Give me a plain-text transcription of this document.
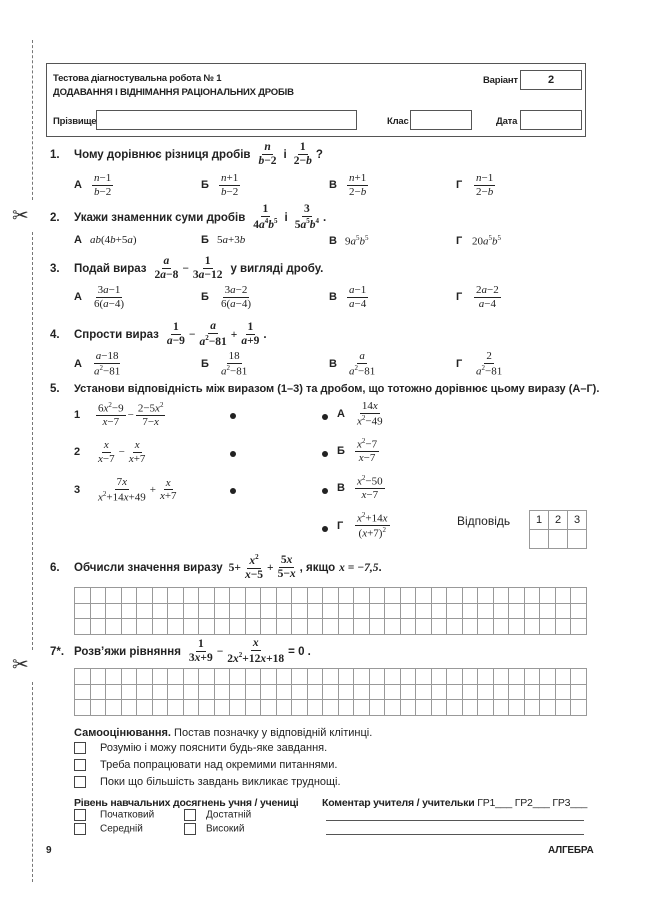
✂
✂
Тестова діагностувальна робота № 1
ДОДАВАННЯ І ВІДНІМАННЯ РАЦІОНАЛЬНИХ ДРОБІВ
Варіант	2
Прізвище	Клас	Дата
1.	Чому дорівнює різниця дробів $\frac{n}{b-2}$ і $\frac{1}{2-b}$ ?
А $\frac{n-1}{b-2}$	Б $\frac{n+1}{b-2}$	В $\frac{n+1}{2-b}$	Г $\frac{n-1}{2-b}$
2.	Укажи знаменник суми дробів $\frac{1}{4a^4b^5}$ і $\frac{3}{5a^5b^4}$ .
А ab(4b+5a)	Б 5a+3b	В $9a^5b^5$	Г $20a^5b^5$
3.	Подай вираз $\frac{a}{2a-8} - \frac{1}{3a-12}$ у вигляді дробу.
А $\frac{3a-1}{6(a-4)}$	Б $\frac{3a-2}{6(a-4)}$	В $\frac{a-1}{a-4}$	Г $\frac{2a-2}{a-4}$
4.	Спрости вираз $\frac{1}{a-9} - \frac{a}{a^2-81} + \frac{1}{a+9}$ .
А $\frac{a-18}{a^2-81}$	Б $\frac{18}{a^2-81}$	В $\frac{a}{a^2-81}$	Г $\frac{2}{a^2-81}$
5.	Установи відповідність між виразом (1–3) та дробом, що тотожно дорівнює цьому виразу (А–Г).
$1 \frac{6x^2-9}{x-7} - \frac{2-5x^2}{7-x}$
$2 \frac{x}{x-7} - \frac{x}{x+7}$
$3 \frac{7x}{x^2+14x+49} + \frac{x}{x+7}$
А $\frac{14x}{x^2-49}$
Б $\frac{x^2-7}{x-7}$
В $\frac{x^2-50}{x-7}$
Г $\frac{x^2+14x}{(x+7)^2}$	Відповідь 1	2	3

6.	Обчисли значення виразу $5+ \frac{x^2}{x-5} + \frac{5x}{5-x}$ , якщо x = −7,5 .

7*. Розв’яжи рівняння $\frac{1}{3x+9} - \frac{x}{2x^2+12x+18} = 0$ .

Самооцінювання. Постав позначку у відповідній клітинці.
Розумію і можу пояснити будь-яке завдання.
Треба попрацювати над окремими питаннями.
Поки що більшість завдань викликає труднощі.
Рівень навчальних досягнень учня / учениці
Початковий
Середній
Достатній
Високий
Коментар учителя / учительки ГР1___ ГР2___ ГР3___
9	АЛГЕБРА
